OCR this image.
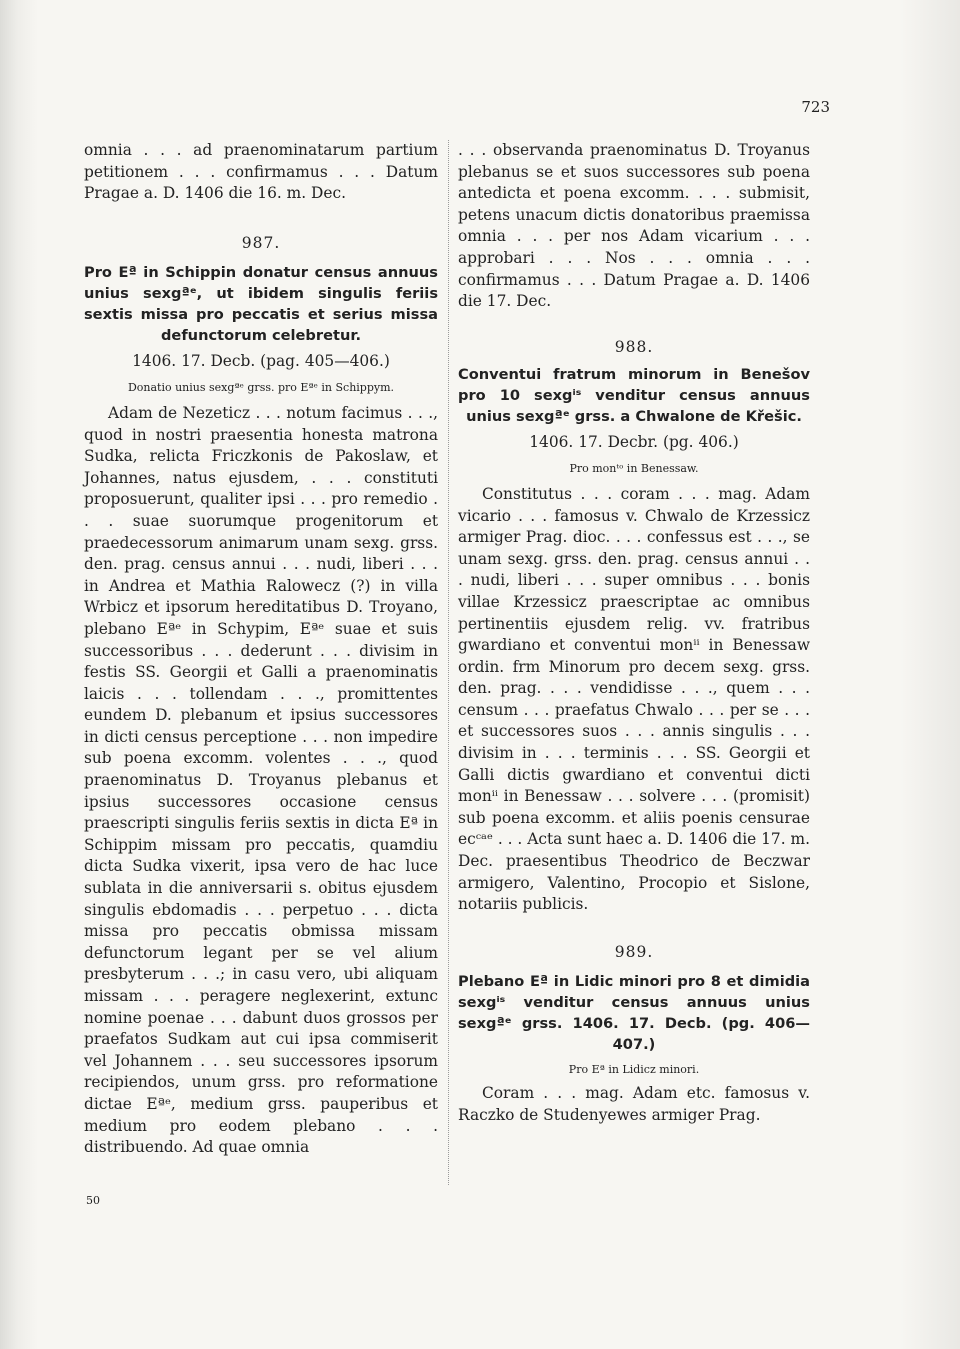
723

omnia . . . ad praenominatarum partium petitionem . . . confirmamus . . . Datum Pragae a. D. 1406 die 16. m. Dec.

987.

Pro Eª in Schippin donatur census annuus unius sexgªᵉ, ut ibidem singulis feriis sextis missa pro peccatis et serius missa defunctorum celebretur.

1406. 17. Decb. (pag. 405—406.)

Donatio unius sexgªᵉ grss. pro Eªᵉ in Schippym.

Adam de Nezeticz . . . notum facimus . . ., quod in nostri praesentia honesta matrona Sudka, relicta Friczkonis de Pakoslaw, et Johannes, natus ejusdem, . . . constituti proposuerunt, qualiter ipsi . . . pro remedio . . . suae suorumque progenitorum et praedecessorum animarum unam sexg. grss. den. prag. census annui . . . nudi, liberi . . . in Andrea et Mathia Ralowecz (?) in villa Wrbicz et ipsorum hereditatibus D. Troyano, plebano Eªᵉ in Schypim, Eªᵉ suae et suis successoribus . . . dederunt . . . divisim in festis SS. Georgii et Galli a praenominatis laicis . . . tollendam . . ., promittentes eundem D. plebanum et ipsius successores in dicti census perceptione . . . non impedire sub poena excomm. volentes . . ., quod praenominatus D. Troyanus plebanus et ipsius successores occasione census praescripti singulis feriis sextis in dicta Eª in Schippim missam pro peccatis, quamdiu dicta Sudka vixerit, ipsa vero de hac luce sublata in die anniversarii s. obitus ejusdem singulis ebdomadis . . . perpetuo . . . dicta missa pro peccatis obmissa missam defunctorum legant per se vel alium presbyterum . . .; in casu vero, ubi aliquam missam . . . peragere neglexerint, extunc nomine poenae . . . dabunt duos grossos per praefatos Sudkam aut cui ipsa commiserit vel Johannem . . . seu successores ipsorum recipiendos, unum grss. pro reformatione dictae Eªᵉ, medium grss. pauperibus et medium pro eodem plebano . . . distribuendo. Ad quae omnia

. . . observanda praenominatus D. Troyanus plebanus se et suos successores sub poena antedicta et poena excomm. . . . submisit, petens unacum dictis donatoribus praemissa omnia . . . per nos Adam vicarium . . . approbari . . . Nos . . . omnia . . . confirmamus . . . Datum Pragae a. D. 1406 die 17. Dec.

988.

Conventui fratrum minorum in Benešov pro 10 sexgⁱˢ venditur census annuus unius sexgªᵉ grss. a Chwalone de Křešic.

1406. 17. Decbr. (pg. 406.)

Pro monᵗᵒ in Benessaw.

Constitutus . . . coram . . . mag. Adam vicario . . . famosus v. Chwalo de Krzessicz armiger Prag. dioc. . . . confessus est . . ., se unam sexg. grss. den. prag. census annui . . . nudi, liberi . . . super omnibus . . . bonis villae Krzessicz praescriptae ac omnibus pertinentiis ejusdem relig. vv. fratribus gwardiano et conventui monⁱⁱ in Benessaw ordin. frm Minorum pro decem sexg. grss. den. prag. . . . vendidisse . . ., quem . . . censum . . . praefatus Chwalo . . . per se . . . et successores suos . . . annis singulis . . . divisim in . . . terminis . . . SS. Georgii et Galli dictis gwardiano et conventui dicti monⁱⁱ in Benessaw . . . solvere . . . (promisit) sub poena excomm. et aliis poenis censurae ecᶜᵃᵉ . . . Acta sunt haec a. D. 1406 die 17. m. Dec. praesentibus Theodrico de Beczwar armigero, Valentino, Procopio et Sislone, notariis publicis.

989.

Plebano Eª in Lidic minori pro 8 et dimidia sexgⁱˢ venditur census annuus unius sexgªᵉ grss. 1406. 17. Decb. (pg. 406—407.)

Pro Eª in Lidicz minori.

Coram . . . mag. Adam etc. famosus v. Raczko de Studenyewes armiger Prag.

50
